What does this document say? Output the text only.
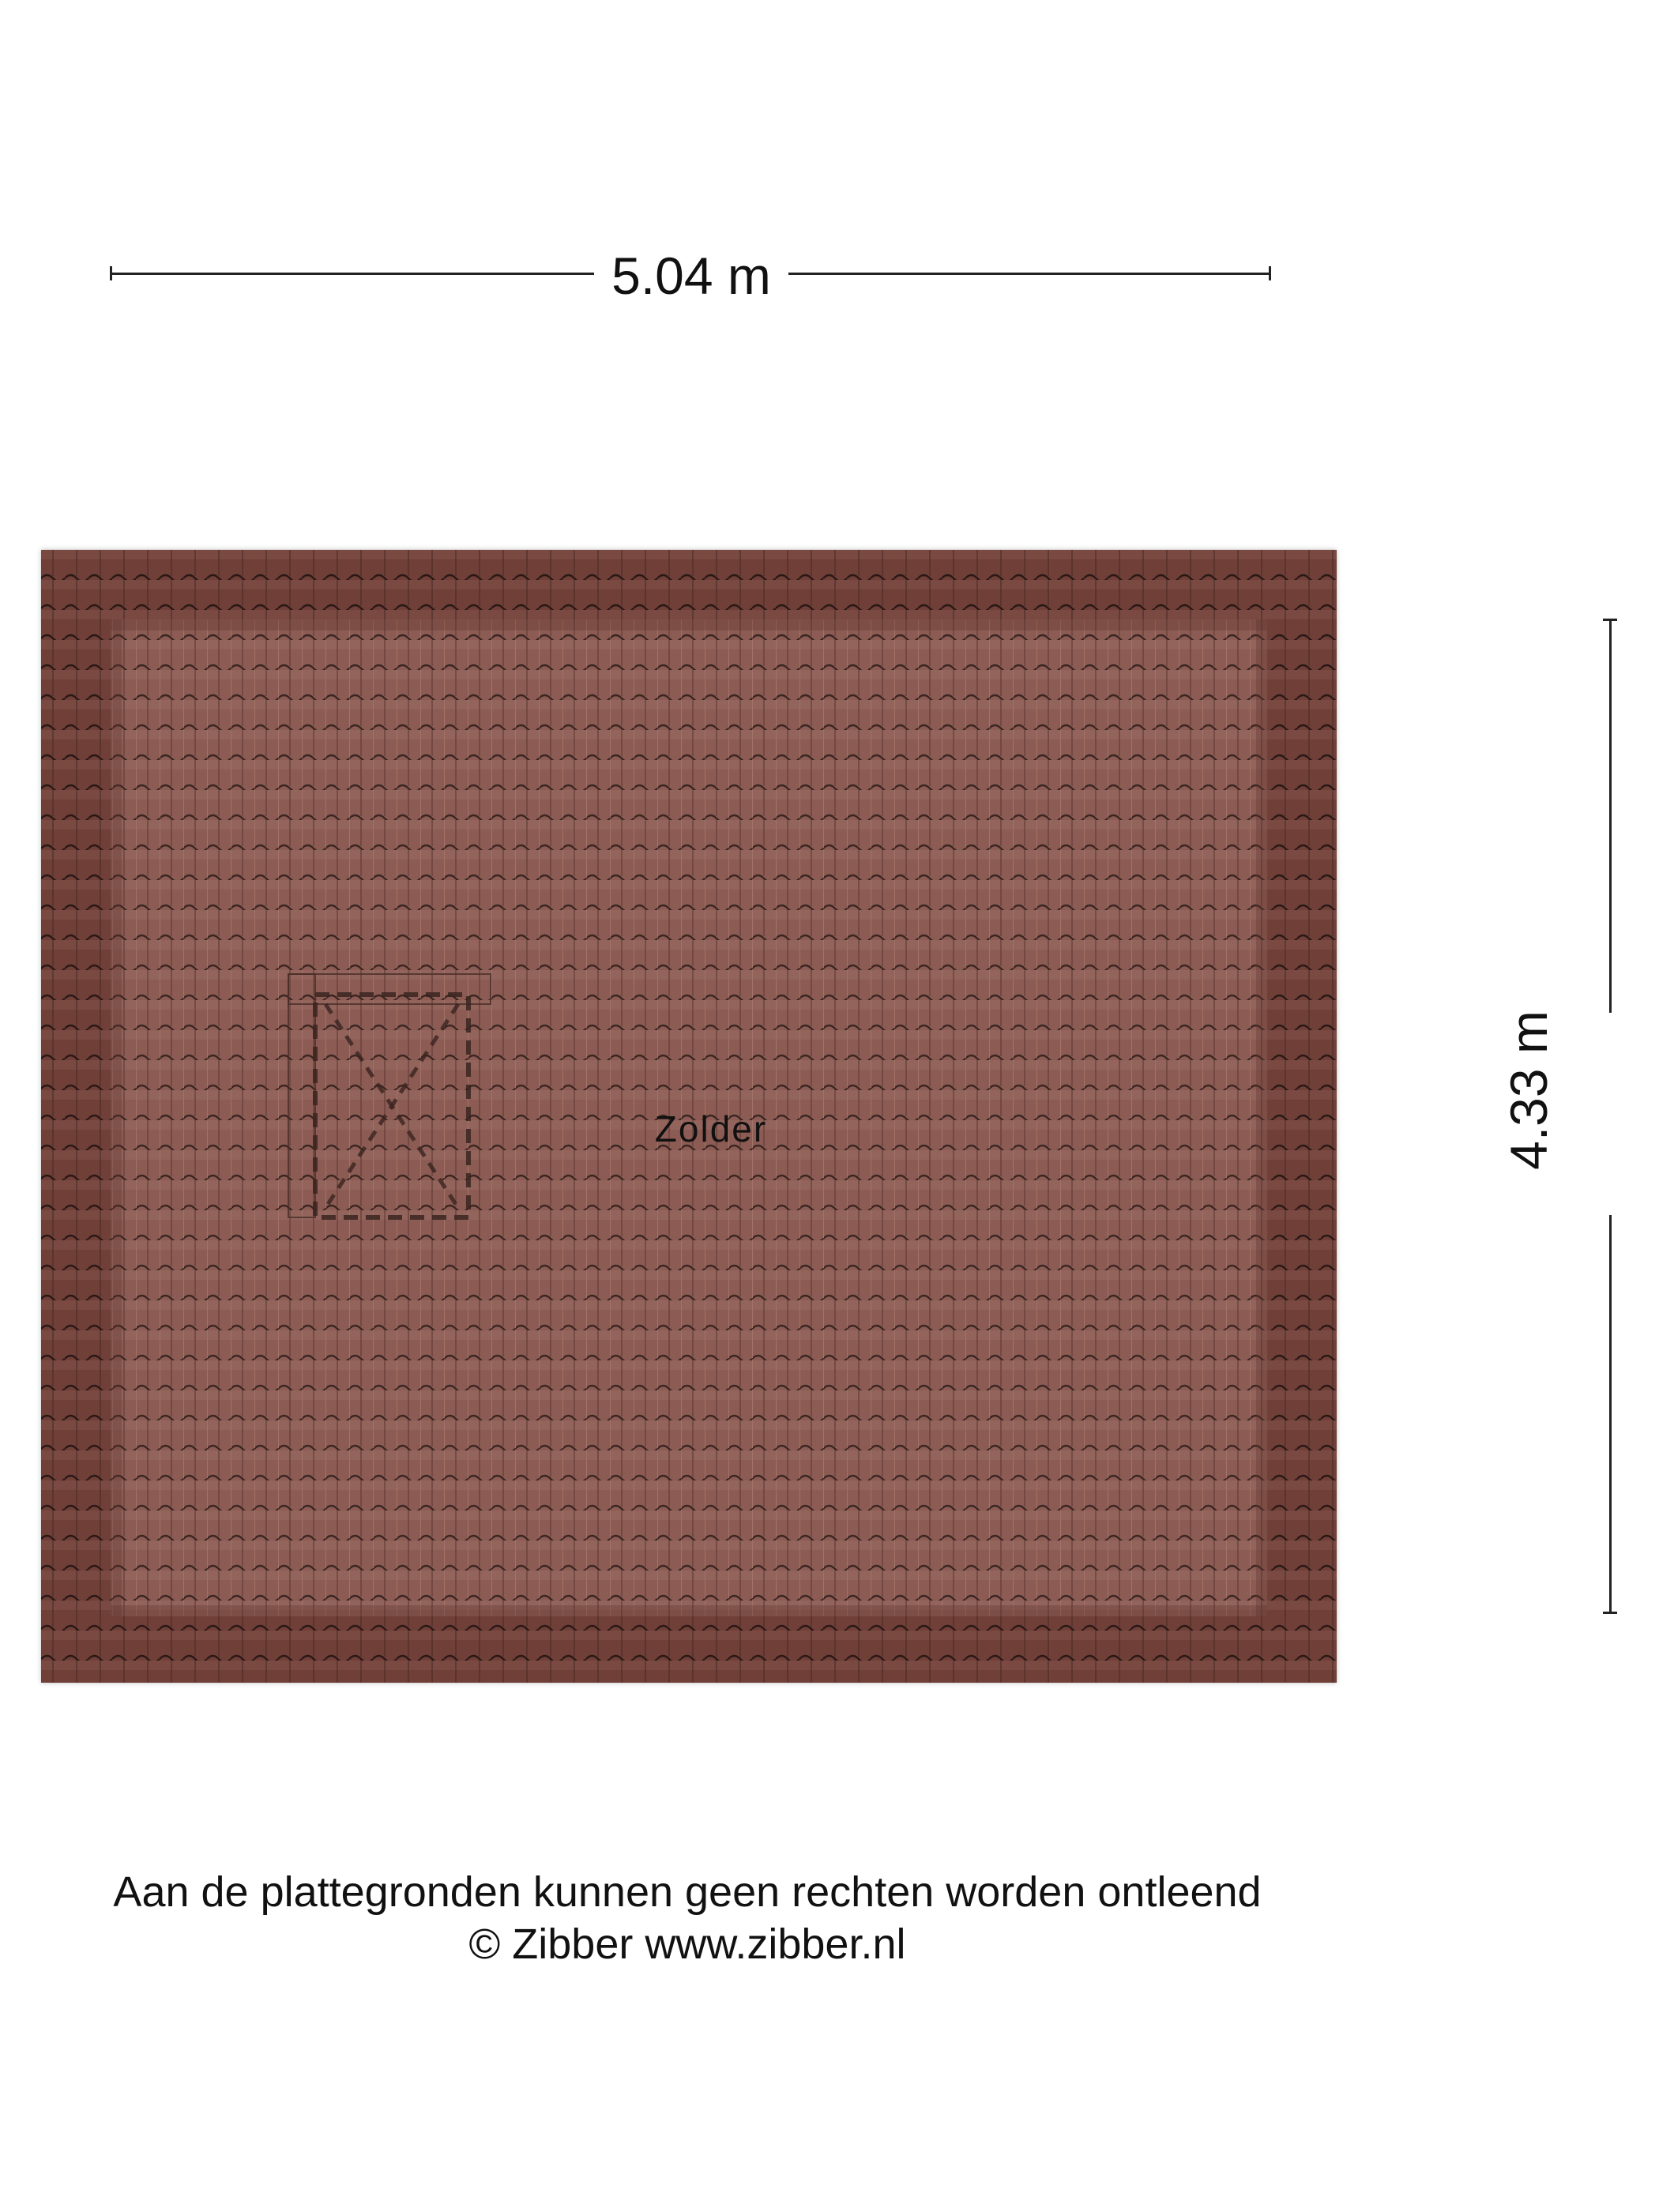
5.04 m
4.33 m
Zolder
Aan de plattegronden kunnen geen rechten worden ontleend
© Zibber www.zibber.nl
